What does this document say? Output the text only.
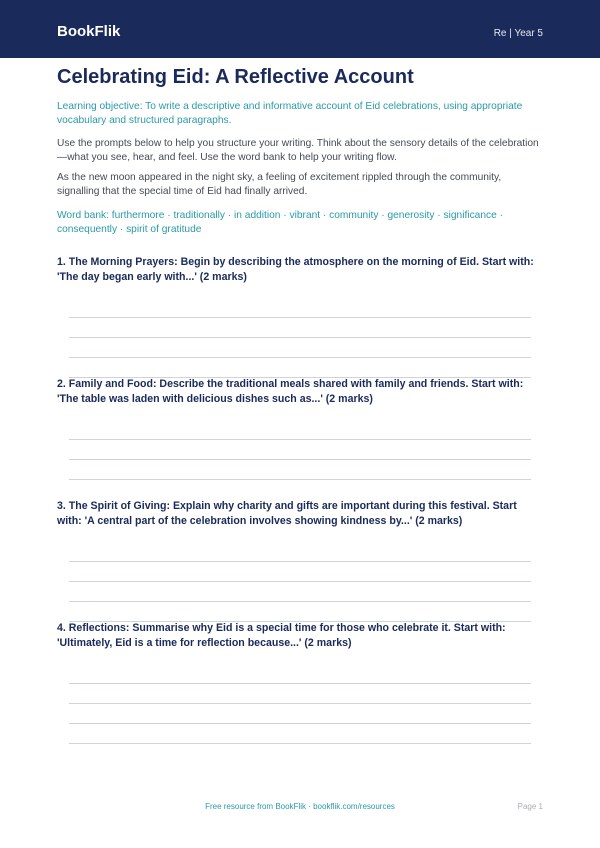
BookFlik	Re | Year 5
Celebrating Eid: A Reflective Account

Learning objective: To write a descriptive and informative account of Eid celebrations, using appropriate vocabulary and structured paragraphs.

Use the prompts below to help you structure your writing. Think about the sensory details of the celebration—what you see, hear, and feel. Use the word bank to help your writing flow.

As the new moon appeared in the night sky, a feeling of excitement rippled through the community, signalling that the special time of Eid had finally arrived.

Word bank: furthermore · traditionally · in addition · vibrant · community · generosity · significance · consequently · spirit of gratitude

1. The Morning Prayers: Begin by describing the atmosphere on the morning of Eid. Start with: 'The day began early with...' (2 marks)

2. Family and Food: Describe the traditional meals shared with family and friends. Start with: 'The table was laden with delicious dishes such as...' (2 marks)

3. The Spirit of Giving: Explain why charity and gifts are important during this festival. Start with: 'A central part of the celebration involves showing kindness by...' (2 marks)

4. Reflections: Summarise why Eid is a special time for those who celebrate it. Start with: 'Ultimately, Eid is a time for reflection because...' (2 marks)

Free resource from BookFlik · bookflik.com/resources	Page 1
